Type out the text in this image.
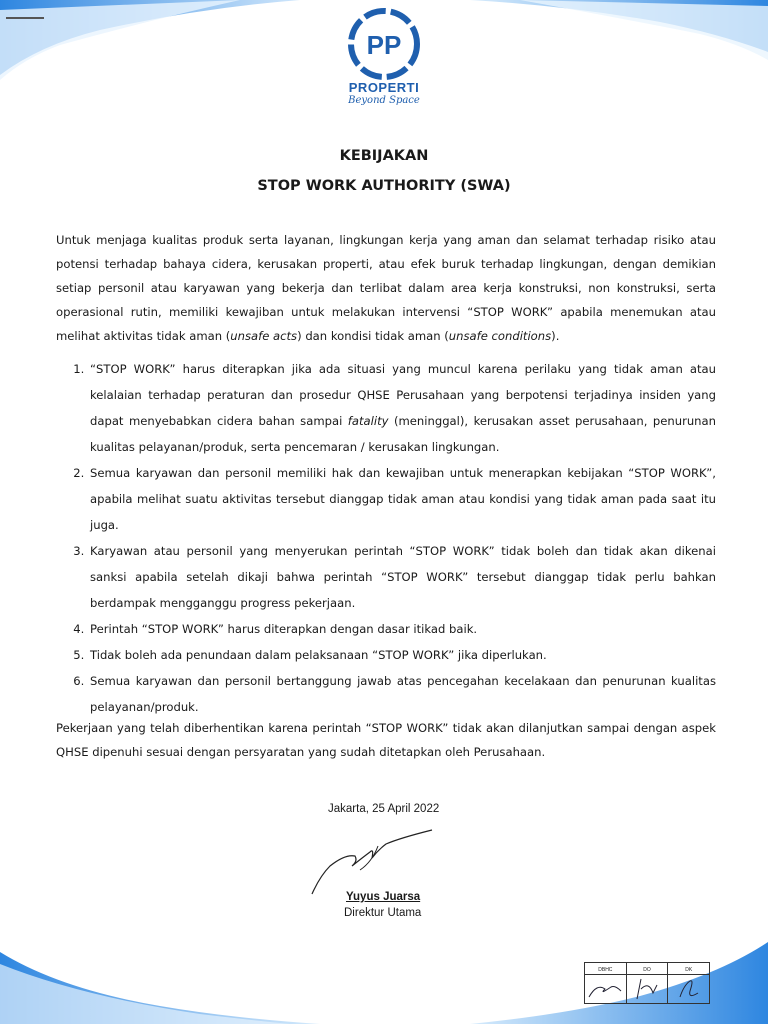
PP
PROPERTI
Beyond Space
KEBIJAKAN
STOP WORK AUTHORITY (SWA)
Untuk menjaga kualitas produk serta layanan, lingkungan kerja yang aman dan selamat terhadap risiko atau potensi terhadap bahaya cidera, kerusakan properti, atau efek buruk terhadap lingkungan, dengan demikian setiap personil atau karyawan yang bekerja dan terlibat dalam area kerja konstruksi, non konstruksi, serta operasional rutin, memiliki kewajiban untuk melakukan intervensi “STOP WORK” apabila menemukan atau melihat aktivitas tidak aman (unsafe acts) dan kondisi tidak aman (unsafe conditions).
1. “STOP WORK” harus diterapkan jika ada situasi yang muncul karena perilaku yang tidak aman atau kelalaian terhadap peraturan dan prosedur QHSE Perusahaan yang berpotensi terjadinya insiden yang dapat menyebabkan cidera bahan sampai fatality (meninggal), kerusakan asset perusahaan, penurunan kualitas pelayanan/produk, serta pencemaran / kerusakan lingkungan.
2. Semua karyawan dan personil memiliki hak dan kewajiban untuk menerapkan kebijakan “STOP WORK”, apabila melihat suatu aktivitas tersebut dianggap tidak aman atau kondisi yang tidak aman pada saat itu juga.
3. Karyawan atau personil yang menyerukan perintah “STOP WORK” tidak boleh dan tidak akan dikenai sanksi apabila setelah dikaji bahwa perintah “STOP WORK” tersebut dianggap tidak perlu bahkan berdampak mengganggu progress pekerjaan.
4. Perintah “STOP WORK” harus diterapkan dengan dasar itikad baik.
5. Tidak boleh ada penundaan dalam pelaksanaan “STOP WORK” jika diperlukan.
6. Semua karyawan dan personil bertanggung jawab atas pencegahan kecelakaan dan penurunan kualitas pelayanan/produk.
Pekerjaan yang telah diberhentikan karena perintah “STOP WORK” tidak akan dilanjutkan sampai dengan aspek QHSE dipenuhi sesuai dengan persyaratan yang sudah ditetapkan oleh Perusahaan.
Jakarta, 25 April 2022
Yuyus Juarsa
Direktur Utama
DBHC	DO	DK
